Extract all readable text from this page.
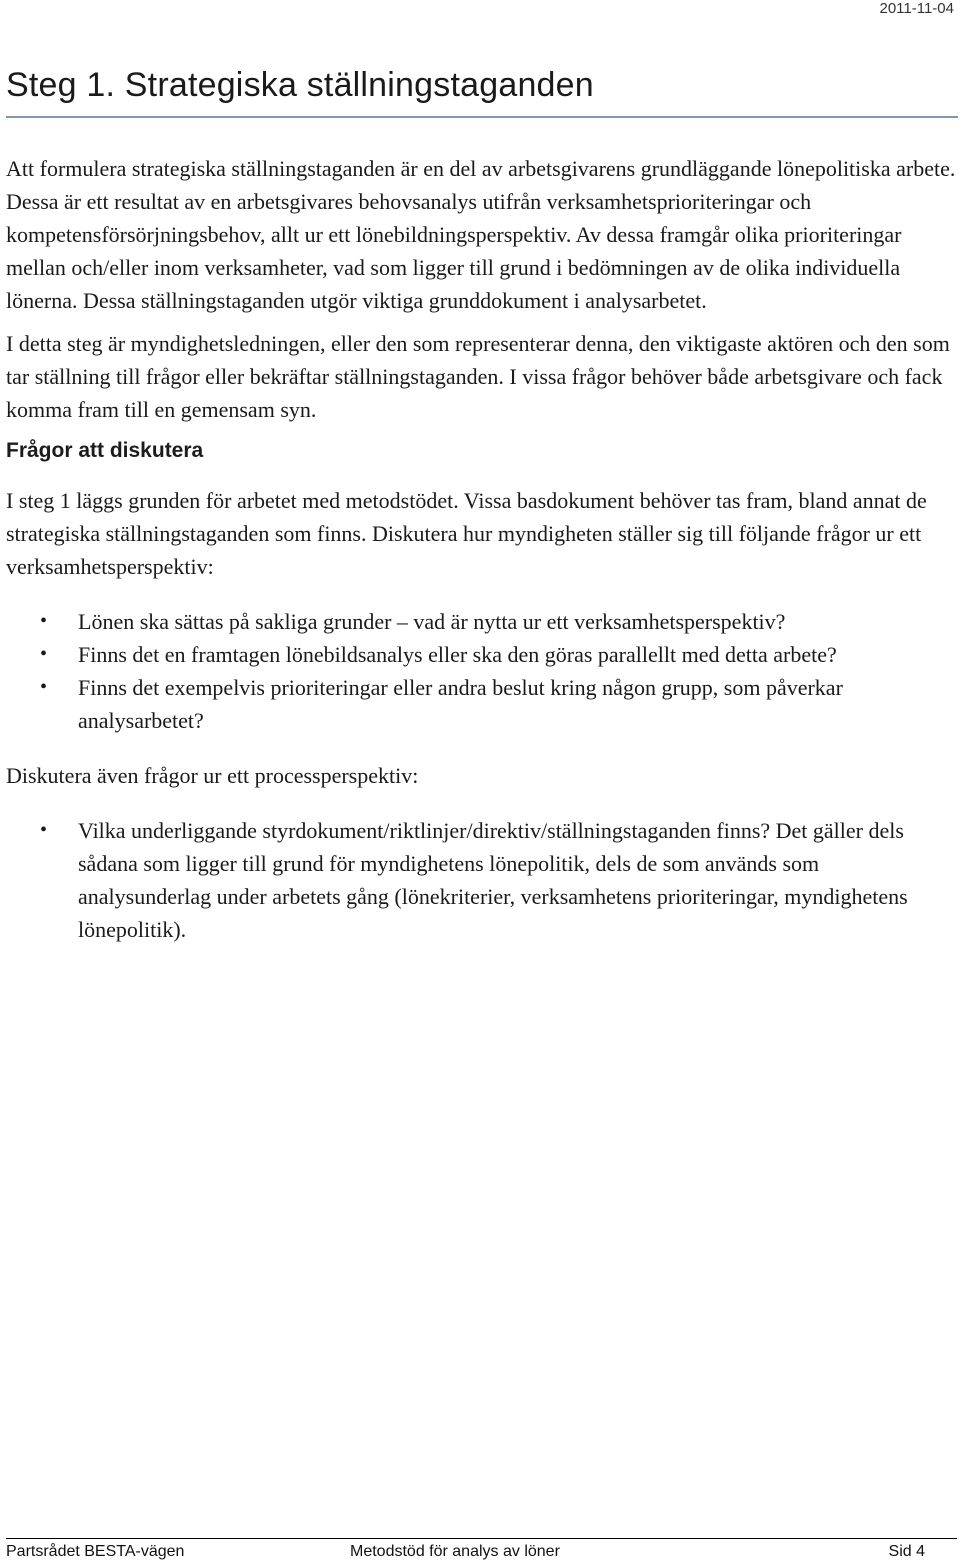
2011-11-04
Steg 1. Strategiska ställningstaganden

Att formulera strategiska ställningstaganden är en del av arbetsgivarens grundläggande lönepolitiska arbete. Dessa är ett resultat av en arbetsgivares behovsanalys utifrån verksamhetsprioriteringar och kompetensförsörjningsbehov, allt ur ett lönebildningsperspektiv. Av dessa framgår olika prioriteringar mellan och/eller inom verksamheter, vad som ligger till grund i bedömningen av de olika individuella lönerna. Dessa ställningstaganden utgör viktiga grunddokument i analysarbetet.

I detta steg är myndighetsledningen, eller den som representerar denna, den viktigaste aktören och den som tar ställning till frågor eller bekräftar ställningstaganden. I vissa frågor behöver både arbetsgivare och fack komma fram till en gemensam syn.

Frågor att diskutera

I steg 1 läggs grunden för arbetet med metodstödet. Vissa basdokument behöver tas fram, bland annat de strategiska ställningstaganden som finns. Diskutera hur myndigheten ställer sig till följande frågor ur ett verksamhetsperspektiv:

• Lönen ska sättas på sakliga grunder – vad är nytta ur ett verksamhetsperspektiv?
• Finns det en framtagen lönebildsanalys eller ska den göras parallellt med detta arbete?
• Finns det exempelvis prioriteringar eller andra beslut kring någon grupp, som påverkar analysarbetet?

Diskutera även frågor ur ett processperspektiv:

• Vilka underliggande styrdokument/riktlinjer/direktiv/ställningstaganden finns? Det gäller dels sådana som ligger till grund för myndighetens lönepolitik, dels de som används som analysunderlag under arbetets gång (lönekriterier, verksamhetens prioriteringar, myndighetens lönepolitik).
Partsrådet BESTA-vägen	Metodstöd för analys av löner	Sid 4
